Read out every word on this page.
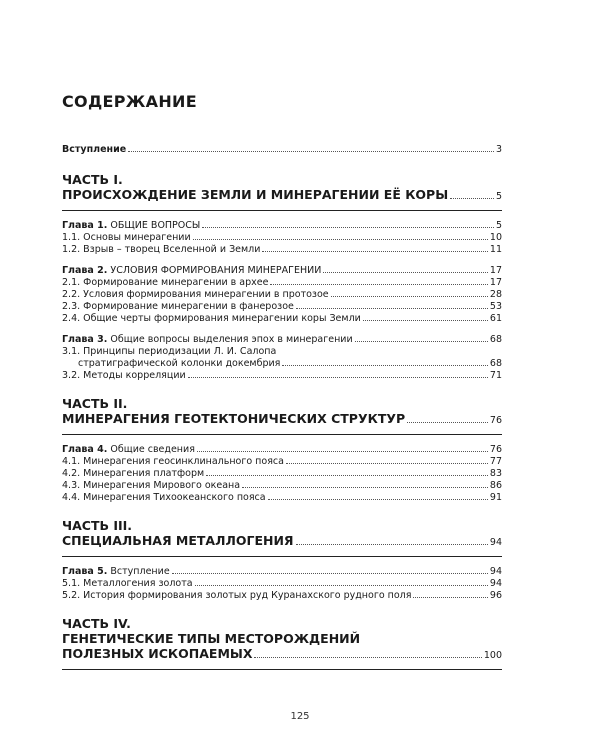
СОДЕРЖАНИЕ
Вступление	3
ЧАСТЬ I.
ПРОИСХОЖДЕНИЕ ЗЕМЛИ И МИНЕРАГЕНИИ ЕЁ КОРЫ	5
Глава 1. ОБЩИЕ ВОПРОСЫ	5
1.1. Основы минерагении	10
1.2. Взрыв – творец Вселенной и Земли	11
Глава 2. УСЛОВИЯ ФОРМИРОВАНИЯ МИНЕРАГЕНИИ	17
2.1. Формирование минерагении в архее	17
2.2. Условия формирования минерагении в протозое	28
2.3. Формирование минерагении в фанерозое	53
2.4. Общие черты формирования минерагении коры Земли	61
Глава 3. Общие вопросы выделения эпох в минерагении	68
3.1. Принципы периодизации Л. И. Салопа
стратиграфической колонки докембрия	68
3.2. Методы корреляции	71
ЧАСТЬ II.
МИНЕРАГЕНИЯ ГЕОТЕКТОНИЧЕСКИХ СТРУКТУР	76
Глава 4. Общие сведения	76
4.1. Минерагения геосинклинального пояса	77
4.2. Минерагения платформ	83
4.3. Минерагения Мирового океана	86
4.4. Минерагения Тихоокеанского пояса	91
ЧАСТЬ III.
СПЕЦИАЛЬНАЯ МЕТАЛЛОГЕНИЯ	94
Глава 5. Вступление	94
5.1. Металлогения золота	94
5.2. История формирования золотых руд Куранахского рудного поля	96
ЧАСТЬ IV.
ГЕНЕТИЧЕСКИЕ ТИПЫ МЕСТОРОЖДЕНИЙ
ПОЛЕЗНЫХ ИСКОПАЕМЫХ	100
125
